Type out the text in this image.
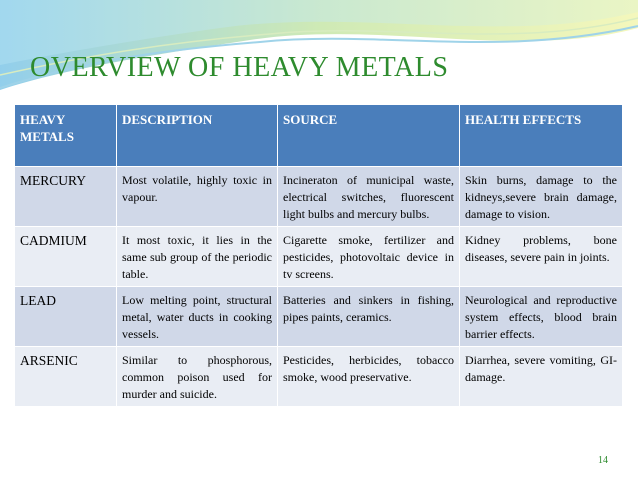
OVERVIEW OF HEAVY METALS
HEAVY METALS	DESCRIPTION	SOURCE	HEALTH EFFECTS
MERCURY	Most volatile, highly toxic in vapour.	Incineraton of municipal waste, electrical switches, fluorescent light bulbs and mercury bulbs.	Skin burns, damage to the kidneys,severe brain damage, damage to vision.
CADMIUM	It most toxic, it lies in the same sub group of the periodic table.	Cigarette smoke, fertilizer and pesticides, photovoltaic device in tv screens.	Kidney problems, bone diseases, severe pain in joints.
LEAD	Low melting point, structural metal, water ducts in cooking vessels.	Batteries and sinkers in fishing, pipes paints, ceramics.	Neurological and reproductive system effects, blood brain barrier effects.
ARSENIC	Similar to phosphorous, common poison used for murder and suicide.	Pesticides, herbicides, tobacco smoke, wood preservative.	Diarrhea, severe vomiting, GI-damage.
14
